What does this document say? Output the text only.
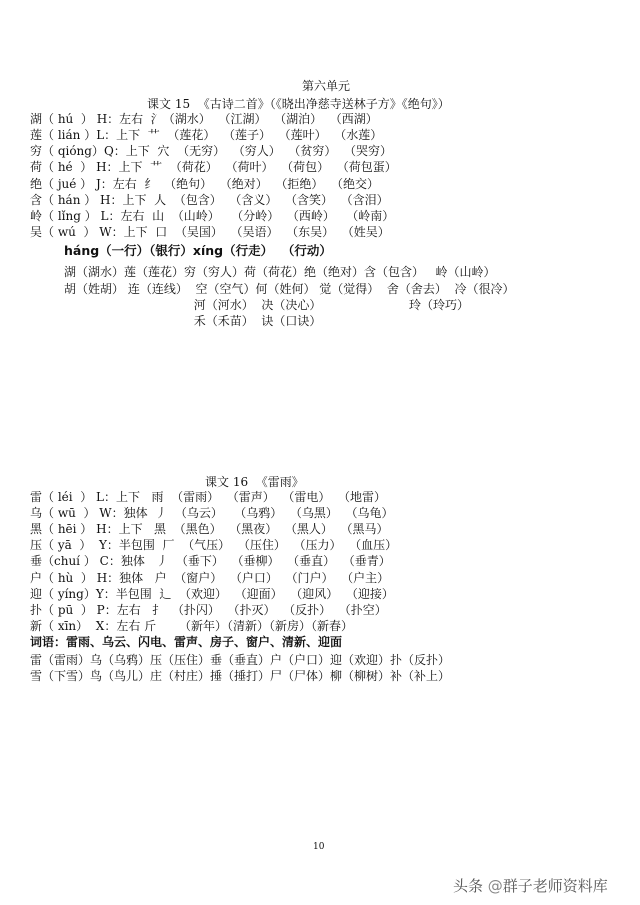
第六单元
课文 15  《古诗二首》（《晓出净慈寺送林子方》《绝句》）
湖（ hú  ） H：左右  氵（湖水）  （江湖）  （湖泊）  （西湖）
莲（ lián ）L：上下  艹  （莲花）  （莲子）  （莲叶）  （水莲）
穷（ qióng）Q：上下  穴  （无穷）  （穷人）  （贫穷）  （哭穷）
荷（ hé  ） H：上下  艹  （荷花）  （荷叶）  （荷包）  （荷包蛋）
绝（ jué ） J：左右  纟  （绝句）  （绝对）  （拒绝）  （绝交）
含（ hán ） H：上下  人  （包含）  （含义）  （含笑）  （含泪）
岭（ lǐng ） L：左右  山  （山岭）   （分岭）  （西岭）   （岭南）
吴（ wú  ） W：上下  口  （吴国）  （吴语）  （东吴）  （姓吴）
háng（一行）（银行）xíng（行走）  （行动）
湖（湖水）莲（莲花）穷（穷人）荷（荷花）绝（绝对）含（包含）   岭（山岭）
胡（姓胡） 连（连线）  空（空气）何（姓何） 觉（觉得）  舍（舍去）  冷（很冷）
河（河水）  决（决心）                       玲（玲巧）
禾（禾苗）  诀（口诀）
课文 16  《雷雨》
雷（ léi  ） L：上下   雨  （雷雨）  （雷声）  （雷电）  （地雷）
乌（ wū  ） W：独体  丿  （乌云）   （乌鸦）  （乌黑）  （乌龟）
黑（ hēi ） H：上下   黑  （黑色）  （黑夜）  （黑人）  （黑马）
压（ yā  ）  Y：半包围  厂  （气压）  （压住）  （压力）  （血压）
垂（chuí ） C：独体   丿  （垂下）  （垂柳）  （垂直）  （垂青）
户（ hù  ） H：独体   户  （窗户）  （户口）  （门户）  （户主）
迎（ yíng）Y：半包围  辶  （欢迎）  （迎面）  （迎风）  （迎接）
扑（ pū  ） P：左右   扌  （扑闪）  （扑灭）  （反扑）  （扑空）
新（ xīn）  X：左右 斤      （新年）（清新）（新房）（新春）
词语：雷雨、乌云、闪电、雷声、房子、窗户、清新、迎面
雷（雷雨）乌（乌鸦）压（压住）垂（垂直）户（户口）迎（欢迎）扑（反扑）
雪（下雪）鸟（鸟儿）庄（村庄）捶（捶打）尸（尸体）柳（柳树）补（补上）
10
头条 @群子老师资料库
